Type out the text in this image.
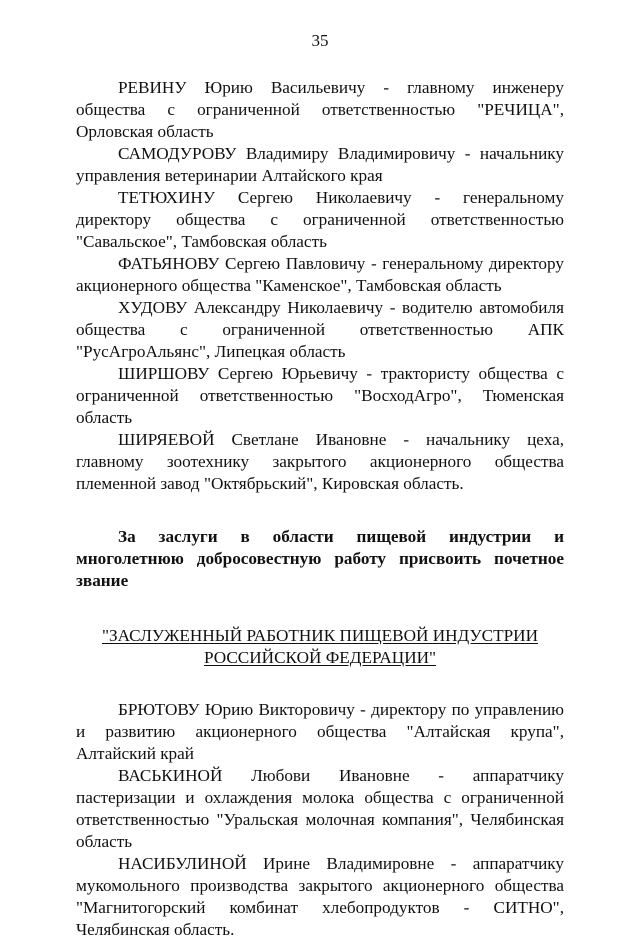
35

РЕВИНУ Юрию Васильевичу - главному инженеру общества с ограниченной ответственностью "РЕЧИЦА", Орловская область

САМОДУРОВУ Владимиру Владимировичу - начальнику управления ветеринарии Алтайского края

ТЕТЮХИНУ Сергею Николаевичу - генеральному директору общества с ограниченной ответственностью "Савальское", Тамбовская область

ФАТЬЯНОВУ Сергею Павловичу - генеральному директору акционерного общества "Каменское", Тамбовская область

ХУДОВУ Александру Николаевичу - водителю автомобиля общества с ограниченной ответственностью АПК "РусАгроАльянс", Липецкая область

ШИРШОВУ Сергею Юрьевичу - трактористу общества с ограниченной ответственностью "ВосходАгро", Тюменская область

ШИРЯЕВОЙ Светлане Ивановне - начальнику цеха, главному зоотехнику закрытого акционерного общества племенной завод "Октябрьский", Кировская область.

За заслуги в области пищевой индустрии и многолетнюю добросовестную работу присвоить почетное звание

"ЗАСЛУЖЕННЫЙ РАБОТНИК ПИЩЕВОЙ ИНДУСТРИИ

РОССИЙСКОЙ ФЕДЕРАЦИИ"

БРЮТОВУ Юрию Викторовичу - директору по управлению и развитию акционерного общества "Алтайская крупа", Алтайский край

ВАСЬКИНОЙ Любови Ивановне - аппаратчику пастеризации и охлаждения молока общества с ограниченной ответственностью "Уральская молочная компания", Челябинская область

НАСИБУЛИНОЙ Ирине Владимировне - аппаратчику мукомольного производства закрытого акционерного общества "Магнитогорский комбинат хлебопродуктов - СИТНО", Челябинская область.
